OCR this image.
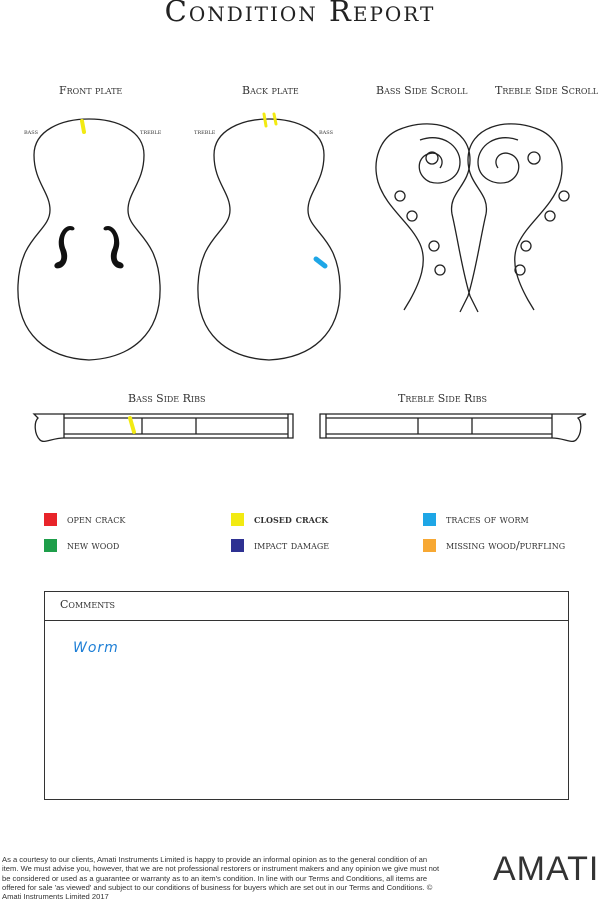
Condition Report
Front plate	Back plate	Bass Side Scroll	Treble Side Scroll
bass	treble	treble	bass
Bass Side Ribs	Treble Side Ribs
open crack	closed crack	traces of worm
new wood	impact damage	missing wood/purfling
Comments
Worm
As a courtesy to our clients, Amati Instruments Limited is happy to provide an informal opinion as to the general condition of an item. We must advise you, however, that we are not professional restorers or instrument makers and any opinion we give must not be considered or used as a guarantee or warranty as to an item's condition. In line with our Terms and Conditions, all items are offered for sale 'as viewed' and subject to our conditions of business for buyers which are set out in our Terms and Conditions. © Amati Instruments Limited 2017
AMATI
